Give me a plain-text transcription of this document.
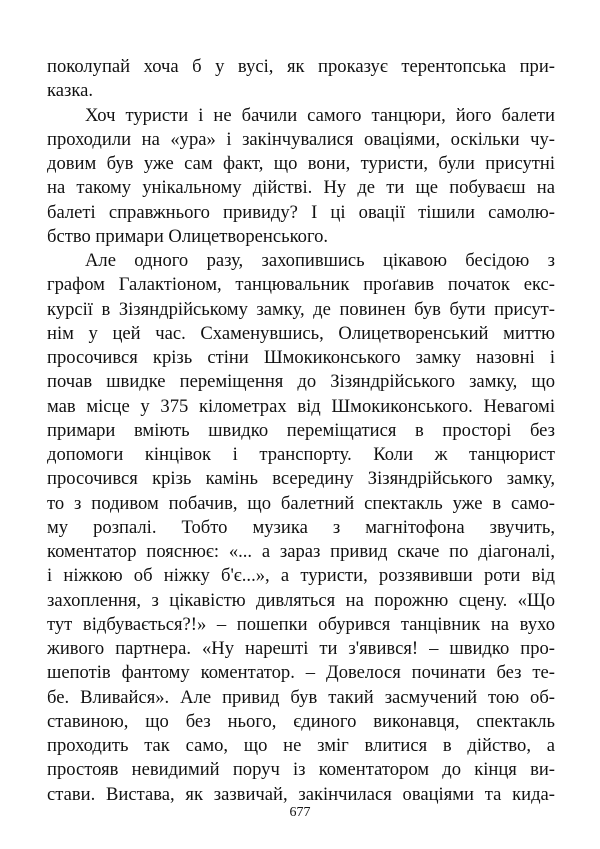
поколупай хоча б у вусі, як проказує терентопська при-
казка.
Хоч туристи і не бачили самого танцюри, його балети
проходили на «ура» і закінчувалися оваціями, оскільки чу-
довим був уже сам факт, що вони, туристи, були присутні
на такому унікальному дійстві. Ну де ти ще побуваєш на
балеті справжнього привиду? І ці овації тішили самолю-
бство примари Олицетворенського.
Але одного разу, захопившись цікавою бесідою з
графом Галактіоном, танцювальник проґавив початок екс-
курсії в Зізяндрійському замку, де повинен був бути присут-
нім у цей час. Схаменувшись, Олицетворенський миттю
просочився крізь стіни Шмокиконського замку назовні і
почав швидке переміщення до Зізяндрійського замку, що
мав місце у 375 кілометрах від Шмокиконського. Невагомі
примари вміють швидко переміщатися в просторі без
допомоги кінцівок і транспорту. Коли ж танцюрист
просочився крізь камінь всередину Зізяндрійського замку,
то з подивом побачив, що балетний спектакль уже в само-
му розпалі. Тобто музика з магнітофона звучить,
коментатор пояснює: «... а зараз привид скаче по діагоналі,
і ніжкою об ніжку б'є...», а туристи, роззявивши роти від
захоплення, з цікавістю дивляться на порожню сцену. «Що
тут відбувається?!» – пошепки обурився танцівник на вухо
живого партнера. «Ну нарешті ти з'явився! – швидко про-
шепотів фантому коментатор. – Довелося починати без те-
бе. Вливайся». Але привид був такий засмучений тою об-
ставиною, що без нього, єдиного виконавця, спектакль
проходить так само, що не зміг влитися в дійство, а
простояв невидимий поруч із коментатором до кінця ви-
стави. Вистава, як зазвичай, закінчилася оваціями та кида-
677
